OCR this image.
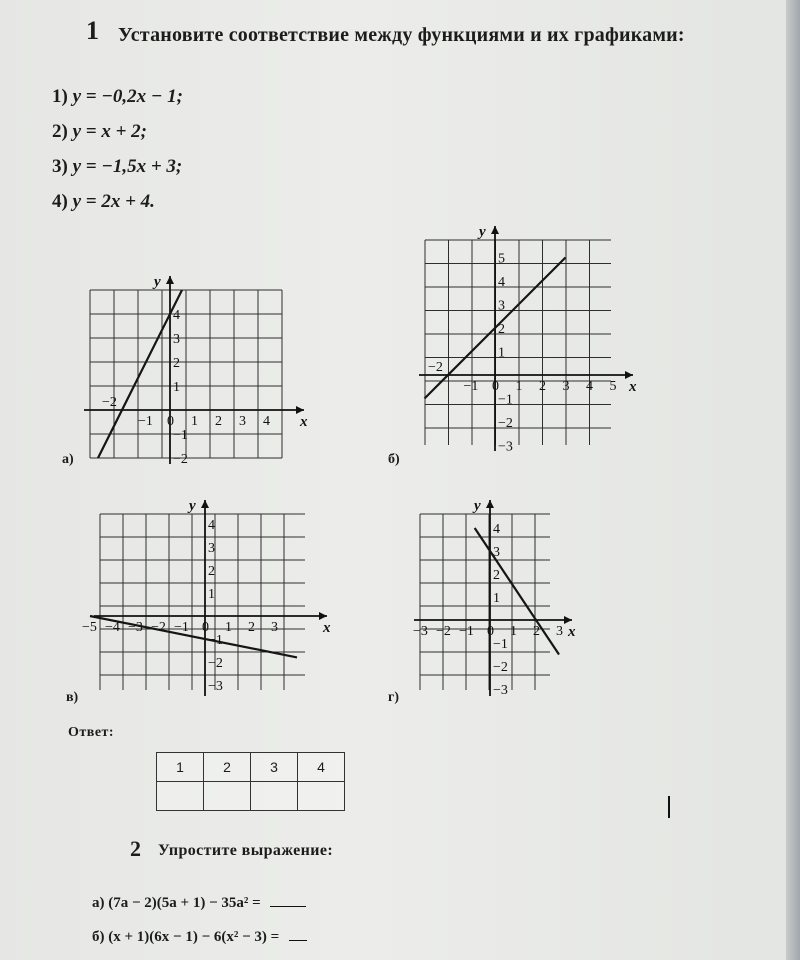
1 Установите соответствие между функциями и их графиками:
1) y = −0,2x − 1;
2) y = x + 2;
3) y = −1,5x + 3;
4) y = 2x + 4.
x
y
−1 0 1 2 3 4
4
3
2
1
−1
−2
−2
x
y
−1 0 1 2 3 4 5
5
4
3
2
1
−1
−2
−3
−2
x
y
−5 −4 −3 −2 −1 0 1 2 3
4
3
2
1
−1
−2
−3
x
y
−3 −2 −1 0 1 2 3
4
3
2
1
−1
−2
−3
а)	б)
в)	г)
Ответ:
1	2	3	4

2 Упростите выражение:
а) (7a − 2)(5a + 1) − 35a² =
б) (x + 1)(6x − 1) − 6(x² − 3) =
